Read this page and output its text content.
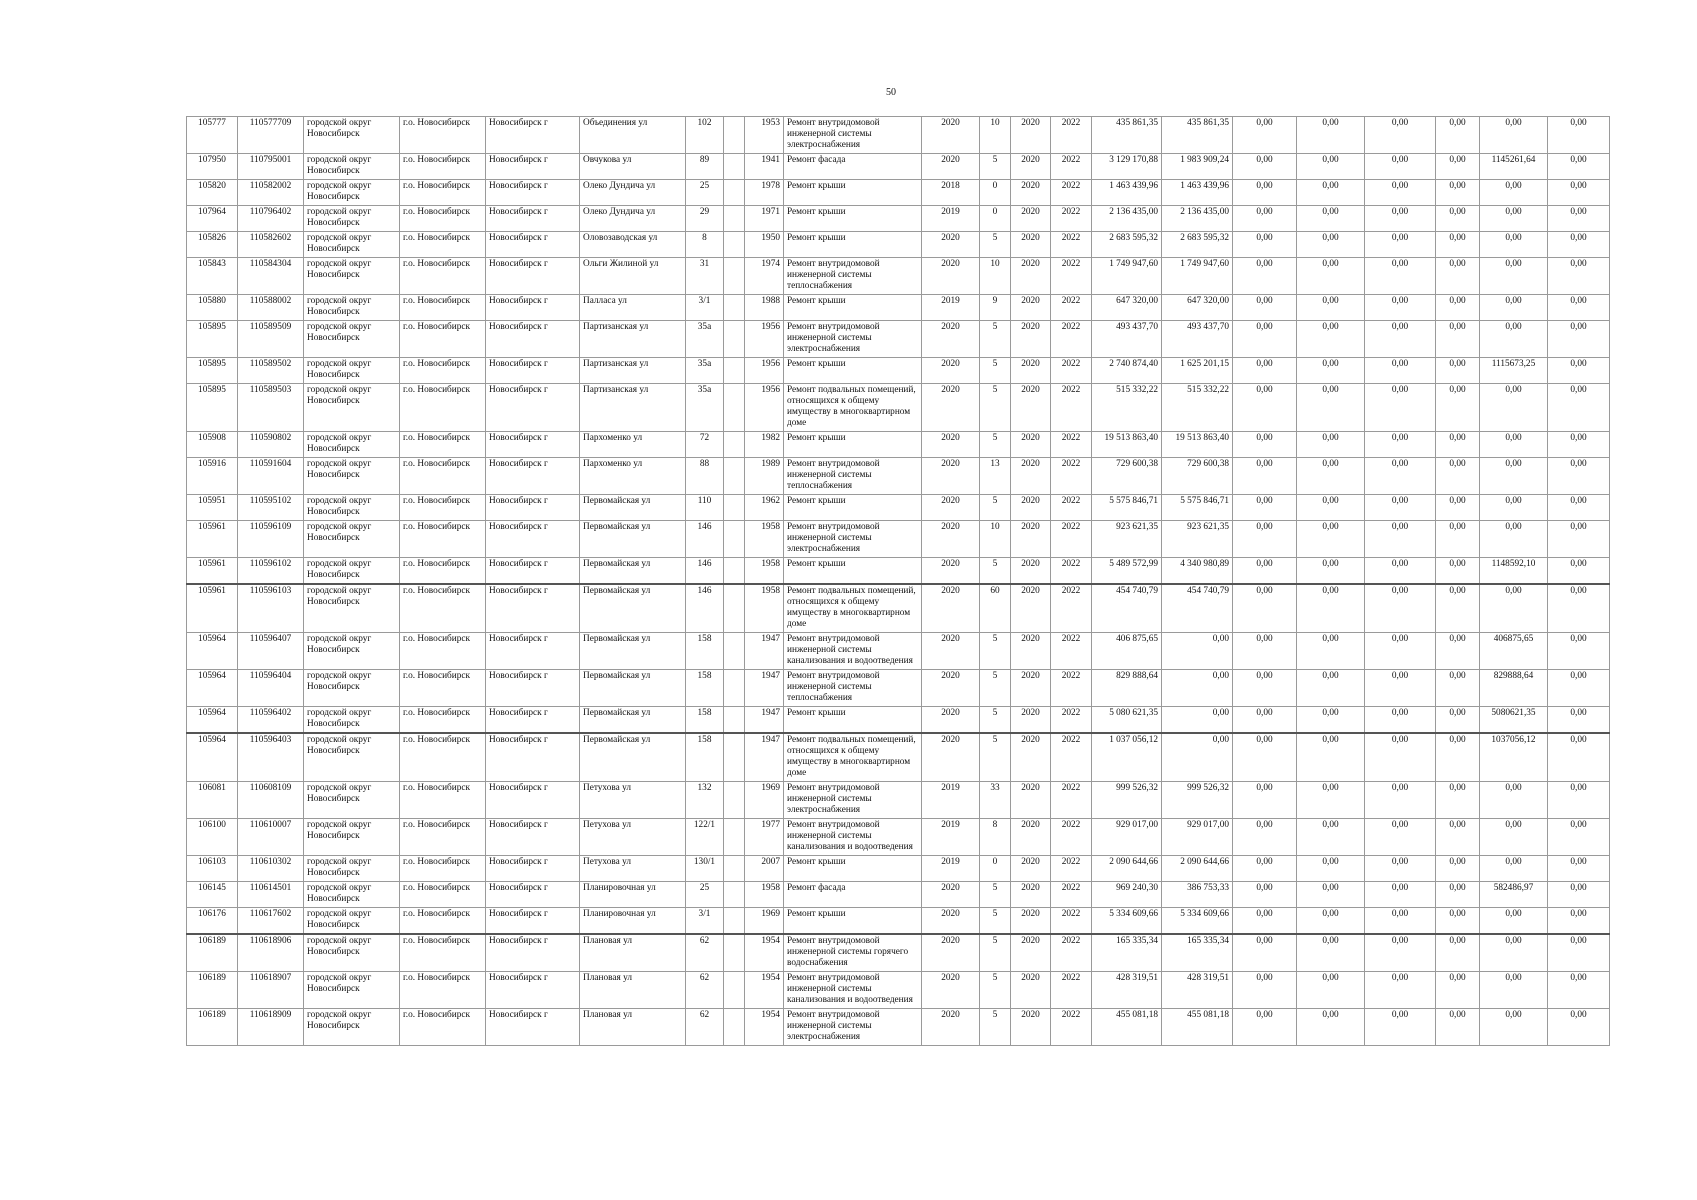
50
105777	110577709	городской округ Новосибирск	г.о. Новосибирск	Новосибирск г	Объединения ул	102		1953	Ремонт внутридомовой инженерной системы электроснабжения	2020	10	2020	2022	435 861,35	435 861,35	0,00	0,00	0,00	0,00	0,00	0,00
107950	110795001	городской округ Новосибирск	г.о. Новосибирск	Новосибирск г	Овчукова ул	89		1941	Ремонт фасада	2020	5	2020	2022	3 129 170,88	1 983 909,24	0,00	0,00	0,00	0,00	1145261,64	0,00
105820	110582002	городской округ Новосибирск	г.о. Новосибирск	Новосибирск г	Олеко Дундича ул	25		1978	Ремонт крыши	2018	0	2020	2022	1 463 439,96	1 463 439,96	0,00	0,00	0,00	0,00	0,00	0,00
107964	110796402	городской округ Новосибирск	г.о. Новосибирск	Новосибирск г	Олеко Дундича ул	29		1971	Ремонт крыши	2019	0	2020	2022	2 136 435,00	2 136 435,00	0,00	0,00	0,00	0,00	0,00	0,00
105826	110582602	городской округ Новосибирск	г.о. Новосибирск	Новосибирск г	Оловозаводская ул	8		1950	Ремонт крыши	2020	5	2020	2022	2 683 595,32	2 683 595,32	0,00	0,00	0,00	0,00	0,00	0,00
105843	110584304	городской округ Новосибирск	г.о. Новосибирск	Новосибирск г	Ольги Жилиной ул	31		1974	Ремонт внутридомовой инженерной системы теплоснабжения	2020	10	2020	2022	1 749 947,60	1 749 947,60	0,00	0,00	0,00	0,00	0,00	0,00
105880	110588002	городской округ Новосибирск	г.о. Новосибирск	Новосибирск г	Палласа ул	3/1		1988	Ремонт крыши	2019	9	2020	2022	647 320,00	647 320,00	0,00	0,00	0,00	0,00	0,00	0,00
105895	110589509	городской округ Новосибирск	г.о. Новосибирск	Новосибирск г	Партизанская ул	35а		1956	Ремонт внутридомовой инженерной системы электроснабжения	2020	5	2020	2022	493 437,70	493 437,70	0,00	0,00	0,00	0,00	0,00	0,00
105895	110589502	городской округ Новосибирск	г.о. Новосибирск	Новосибирск г	Партизанская ул	35а		1956	Ремонт крыши	2020	5	2020	2022	2 740 874,40	1 625 201,15	0,00	0,00	0,00	0,00	1115673,25	0,00
105895	110589503	городской округ Новосибирск	г.о. Новосибирск	Новосибирск г	Партизанская ул	35а		1956	Ремонт подвальных помещений, относящихся к общему имуществу в многоквартирном доме	2020	5	2020	2022	515 332,22	515 332,22	0,00	0,00	0,00	0,00	0,00	0,00
105908	110590802	городской округ Новосибирск	г.о. Новосибирск	Новосибирск г	Пархоменко ул	72		1982	Ремонт крыши	2020	5	2020	2022	19 513 863,40	19 513 863,40	0,00	0,00	0,00	0,00	0,00	0,00
105916	110591604	городской округ Новосибирск	г.о. Новосибирск	Новосибирск г	Пархоменко ул	88		1989	Ремонт внутридомовой инженерной системы теплоснабжения	2020	13	2020	2022	729 600,38	729 600,38	0,00	0,00	0,00	0,00	0,00	0,00
105951	110595102	городской округ Новосибирск	г.о. Новосибирск	Новосибирск г	Первомайская ул	110		1962	Ремонт крыши	2020	5	2020	2022	5 575 846,71	5 575 846,71	0,00	0,00	0,00	0,00	0,00	0,00
105961	110596109	городской округ Новосибирск	г.о. Новосибирск	Новосибирск г	Первомайская ул	146		1958	Ремонт внутридомовой инженерной системы электроснабжения	2020	10	2020	2022	923 621,35	923 621,35	0,00	0,00	0,00	0,00	0,00	0,00
105961	110596102	городской округ Новосибирск	г.о. Новосибирск	Новосибирск г	Первомайская ул	146		1958	Ремонт крыши	2020	5	2020	2022	5 489 572,99	4 340 980,89	0,00	0,00	0,00	0,00	1148592,10	0,00
105961	110596103	городской округ Новосибирск	г.о. Новосибирск	Новосибирск г	Первомайская ул	146		1958	Ремонт подвальных помещений, относящихся к общему имуществу в многоквартирном доме	2020	60	2020	2022	454 740,79	454 740,79	0,00	0,00	0,00	0,00	0,00	0,00
105964	110596407	городской округ Новосибирск	г.о. Новосибирск	Новосибирск г	Первомайская ул	158		1947	Ремонт внутридомовой инженерной системы канализования и водоотведения	2020	5	2020	2022	406 875,65	0,00	0,00	0,00	0,00	0,00	406875,65	0,00
105964	110596404	городской округ Новосибирск	г.о. Новосибирск	Новосибирск г	Первомайская ул	158		1947	Ремонт внутридомовой инженерной системы теплоснабжения	2020	5	2020	2022	829 888,64	0,00	0,00	0,00	0,00	0,00	829888,64	0,00
105964	110596402	городской округ Новосибирск	г.о. Новосибирск	Новосибирск г	Первомайская ул	158		1947	Ремонт крыши	2020	5	2020	2022	5 080 621,35	0,00	0,00	0,00	0,00	0,00	5080621,35	0,00
105964	110596403	городской округ Новосибирск	г.о. Новосибирск	Новосибирск г	Первомайская ул	158		1947	Ремонт подвальных помещений, относящихся к общему имуществу в многоквартирном доме	2020	5	2020	2022	1 037 056,12	0,00	0,00	0,00	0,00	0,00	1037056,12	0,00
106081	110608109	городской округ Новосибирск	г.о. Новосибирск	Новосибирск г	Петухова ул	132		1969	Ремонт внутридомовой инженерной системы электроснабжения	2019	33	2020	2022	999 526,32	999 526,32	0,00	0,00	0,00	0,00	0,00	0,00
106100	110610007	городской округ Новосибирск	г.о. Новосибирск	Новосибирск г	Петухова ул	122/1		1977	Ремонт внутридомовой инженерной системы канализования и водоотведения	2019	8	2020	2022	929 017,00	929 017,00	0,00	0,00	0,00	0,00	0,00	0,00
106103	110610302	городской округ Новосибирск	г.о. Новосибирск	Новосибирск г	Петухова ул	130/1		2007	Ремонт крыши	2019	0	2020	2022	2 090 644,66	2 090 644,66	0,00	0,00	0,00	0,00	0,00	0,00
106145	110614501	городской округ Новосибирск	г.о. Новосибирск	Новосибирск г	Планировочная ул	25		1958	Ремонт фасада	2020	5	2020	2022	969 240,30	386 753,33	0,00	0,00	0,00	0,00	582486,97	0,00
106176	110617602	городской округ Новосибирск	г.о. Новосибирск	Новосибирск г	Планировочная ул	3/1		1969	Ремонт крыши	2020	5	2020	2022	5 334 609,66	5 334 609,66	0,00	0,00	0,00	0,00	0,00	0,00
106189	110618906	городской округ Новосибирск	г.о. Новосибирск	Новосибирск г	Плановая ул	62		1954	Ремонт внутридомовой инженерной системы горячего водоснабжения	2020	5	2020	2022	165 335,34	165 335,34	0,00	0,00	0,00	0,00	0,00	0,00
106189	110618907	городской округ Новосибирск	г.о. Новосибирск	Новосибирск г	Плановая ул	62		1954	Ремонт внутридомовой инженерной системы канализования и водоотведения	2020	5	2020	2022	428 319,51	428 319,51	0,00	0,00	0,00	0,00	0,00	0,00
106189	110618909	городской округ Новосибирск	г.о. Новосибирск	Новосибирск г	Плановая ул	62		1954	Ремонт внутридомовой инженерной системы электроснабжения	2020	5	2020	2022	455 081,18	455 081,18	0,00	0,00	0,00	0,00	0,00	0,00
